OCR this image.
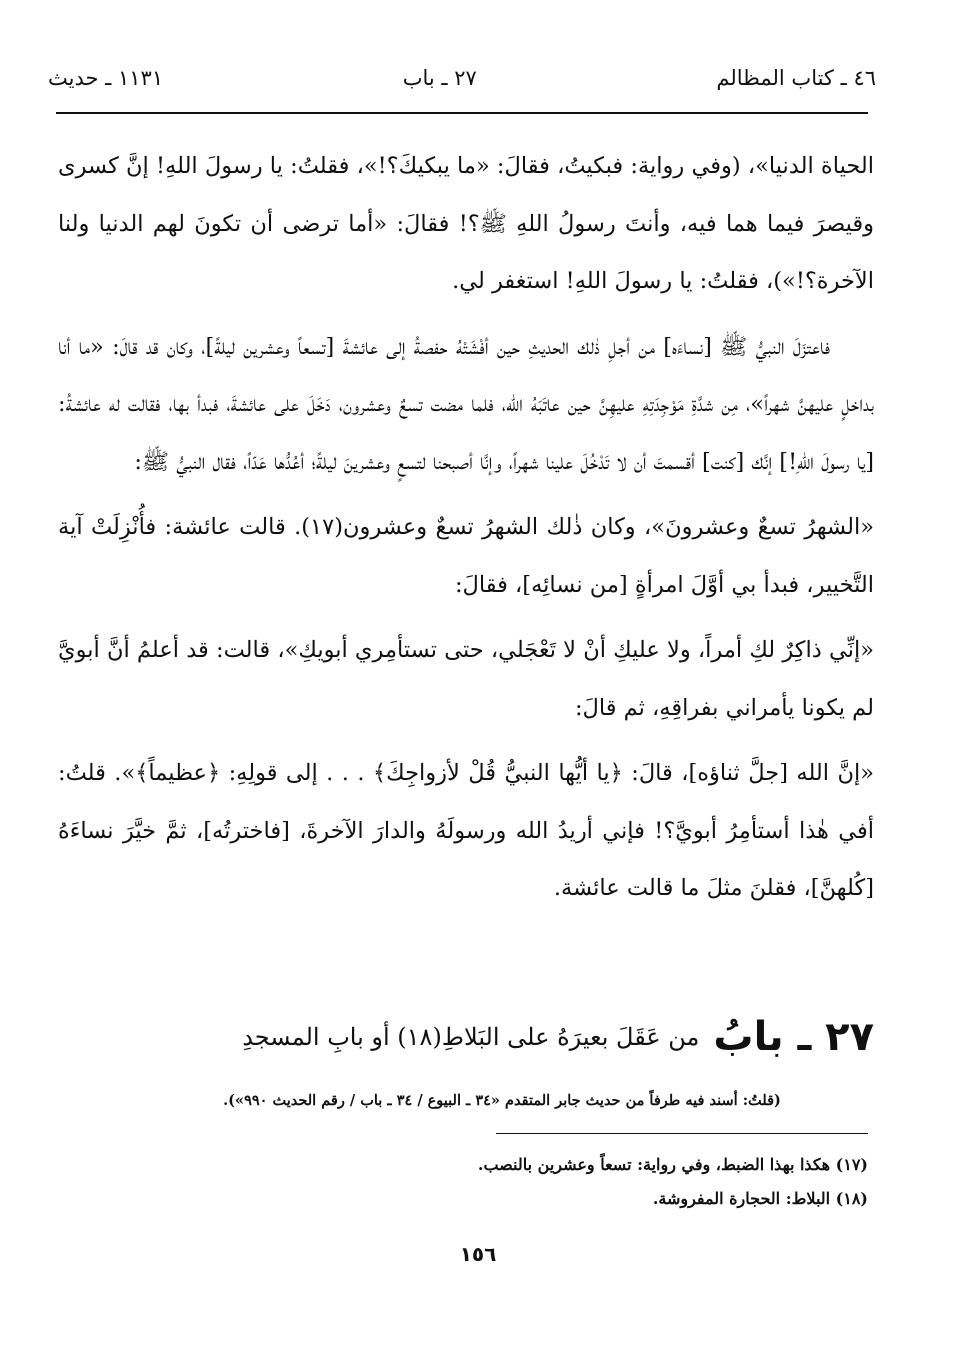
٤٦ ـ كتاب المظالم
٢٧ ـ باب
١١٣١ ـ حديث

الحياة الدنيا»، (وفي رواية: فبكيتُ، فقالَ: «ما يبكيكَ؟!»، فقلتُ: يا رسولَ اللهِ! إنَّ كسرى وقيصرَ فيما هما فيه، وأنتَ رسولُ اللهِ ﷺ؟! فقالَ: «أما ترضى أن تكونَ لهم الدنيا ولنا الآخرة؟!»)، فقلتُ: يا رسولَ اللهِ! استغفر لي.

فاعتزَلَ النبيُّ ﷺ [نساءَه] من أجلِ ذٰلك الحديثِ حين أفْشَتْهُ حفصةُ إلى عائشةَ [تسعاً وعشرين ليلةً]، وكان قد قالَ: «ما أنا بداخلٍ عليهنَّ شهراً»، مِن شدَّةِ مَوْجِدَتِهِ عليهِنَّ حين عاتَبَهُ الله، فلما مضت تسعٌ وعشرون، دَخَلَ على عائشةَ، فبدأ بها، فقالت له عائشةُ: [يا رسولَ اللهِ!] إنَّك [كنت] أقسمتَ أن لا تَدْخُلَ علينا شهراً، وإنَّا أصبحنا لتسعٍ وعشرينَ ليلةً؛ أعُدُّها عَدّاً، فقال النبيُّ ﷺ:

«الشهرُ تسعٌ وعشرونَ»، وكان ذٰلك الشهرُ تسعٌ وعشرون(١٧). قالت عائشة: فأُنْزِلَتْ آية التَّخيير، فبدأ بي أوَّلَ امرأةٍ [من نسائِه]، فقالَ:

«إنِّي ذاكِرٌ لكِ أمراً، ولا عليكِ أنْ لا تَعْجَلي، حتى تستأمِري أبويكِ»، قالت: قد أعلمُ أنَّ أبويَّ لم يكونا يأمراني بفراقِهِ، ثم قالَ:

«إنَّ الله [جلَّ ثناؤه]، قالَ: ﴿يا أيُّها النبيُّ قُلْ لأزواجِكَ﴾ . . . إلى قولِهِ: ﴿عظيماً﴾». قلتُ: أفي هٰذا أستأمِرُ أبويَّ؟! فإني أريدُ الله ورسولَهُ والدارَ الآخرةَ، [فاخترتُه]، ثمَّ خيَّرَ نساءَهُ [كُلهنَّ]، فقلنَ مثلَ ما قالت عائشة.

٢٧ ـ بابُ
من عَقَلَ بعيرَهُ على البَلاطِ(١٨) أو بابِ المسجدِ
(قلتُ: أسند فيه طرفاً من حديث جابر المتقدم «٣٤ ـ البيوع / ٣٤ ـ باب / رقم الحديث ٩٩٠»).
(١٧) هكذا بهذا الضبط، وفي رواية: تسعاً وعشرين بالنصب.
(١٨) البلاط: الحجارة المفروشة.
١٥٦
